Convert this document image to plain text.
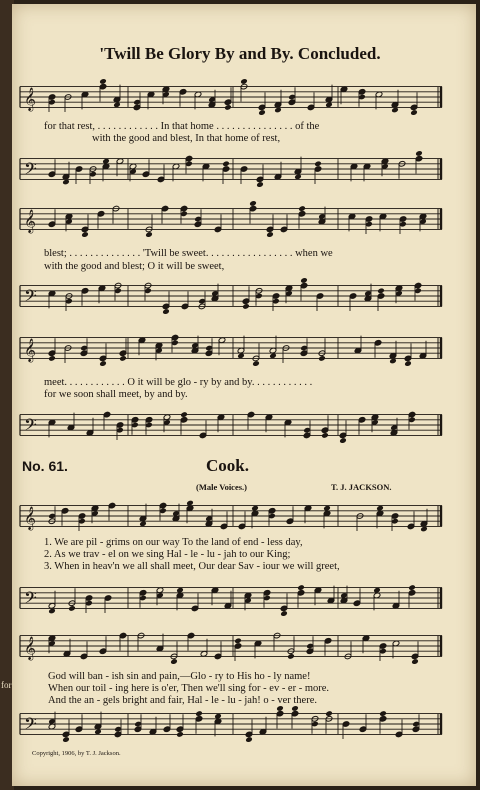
for
'Twill Be Glory By and By. Concluded.
𝄞
for that rest, . . . . . . . . . . . . In that home . . . . . . . . . . . . . . . of the
with the good and blest, In that home of rest,
𝄢
𝄞
blest; . . . . . . . . . . . . . . 'Twill be sweet. . . . . . . . . . . . . . . . . when we
with the good and blest; O it will be sweet,
𝄢
𝄞
meet. . . . . . . . . . . . O it will be glo - ry by and by. . . . . . . . . . . .
for we soon shall meet, by and by.
𝄢
No. 61.	Cook.
(Male Voices.)	T. J. JACKSON.
𝄞
1. We are pil - grims on our way To the land of end - less day,
2. As we trav - el on we sing Hal - le - lu - jah to our King;
3. When in heav'n we all shall meet, Our dear Sav - iour we will greet,
𝄢
𝄞
God will ban - ish sin and pain,—Glo - ry to His ho - ly name!
When our toil - ing here is o'er, Then we'll sing for - ev - er - more.
And the an - gels bright and fair, Hal - le - lu - jah! o - ver there.
𝄢
Copyright, 1906, by T. J. Jackson.
